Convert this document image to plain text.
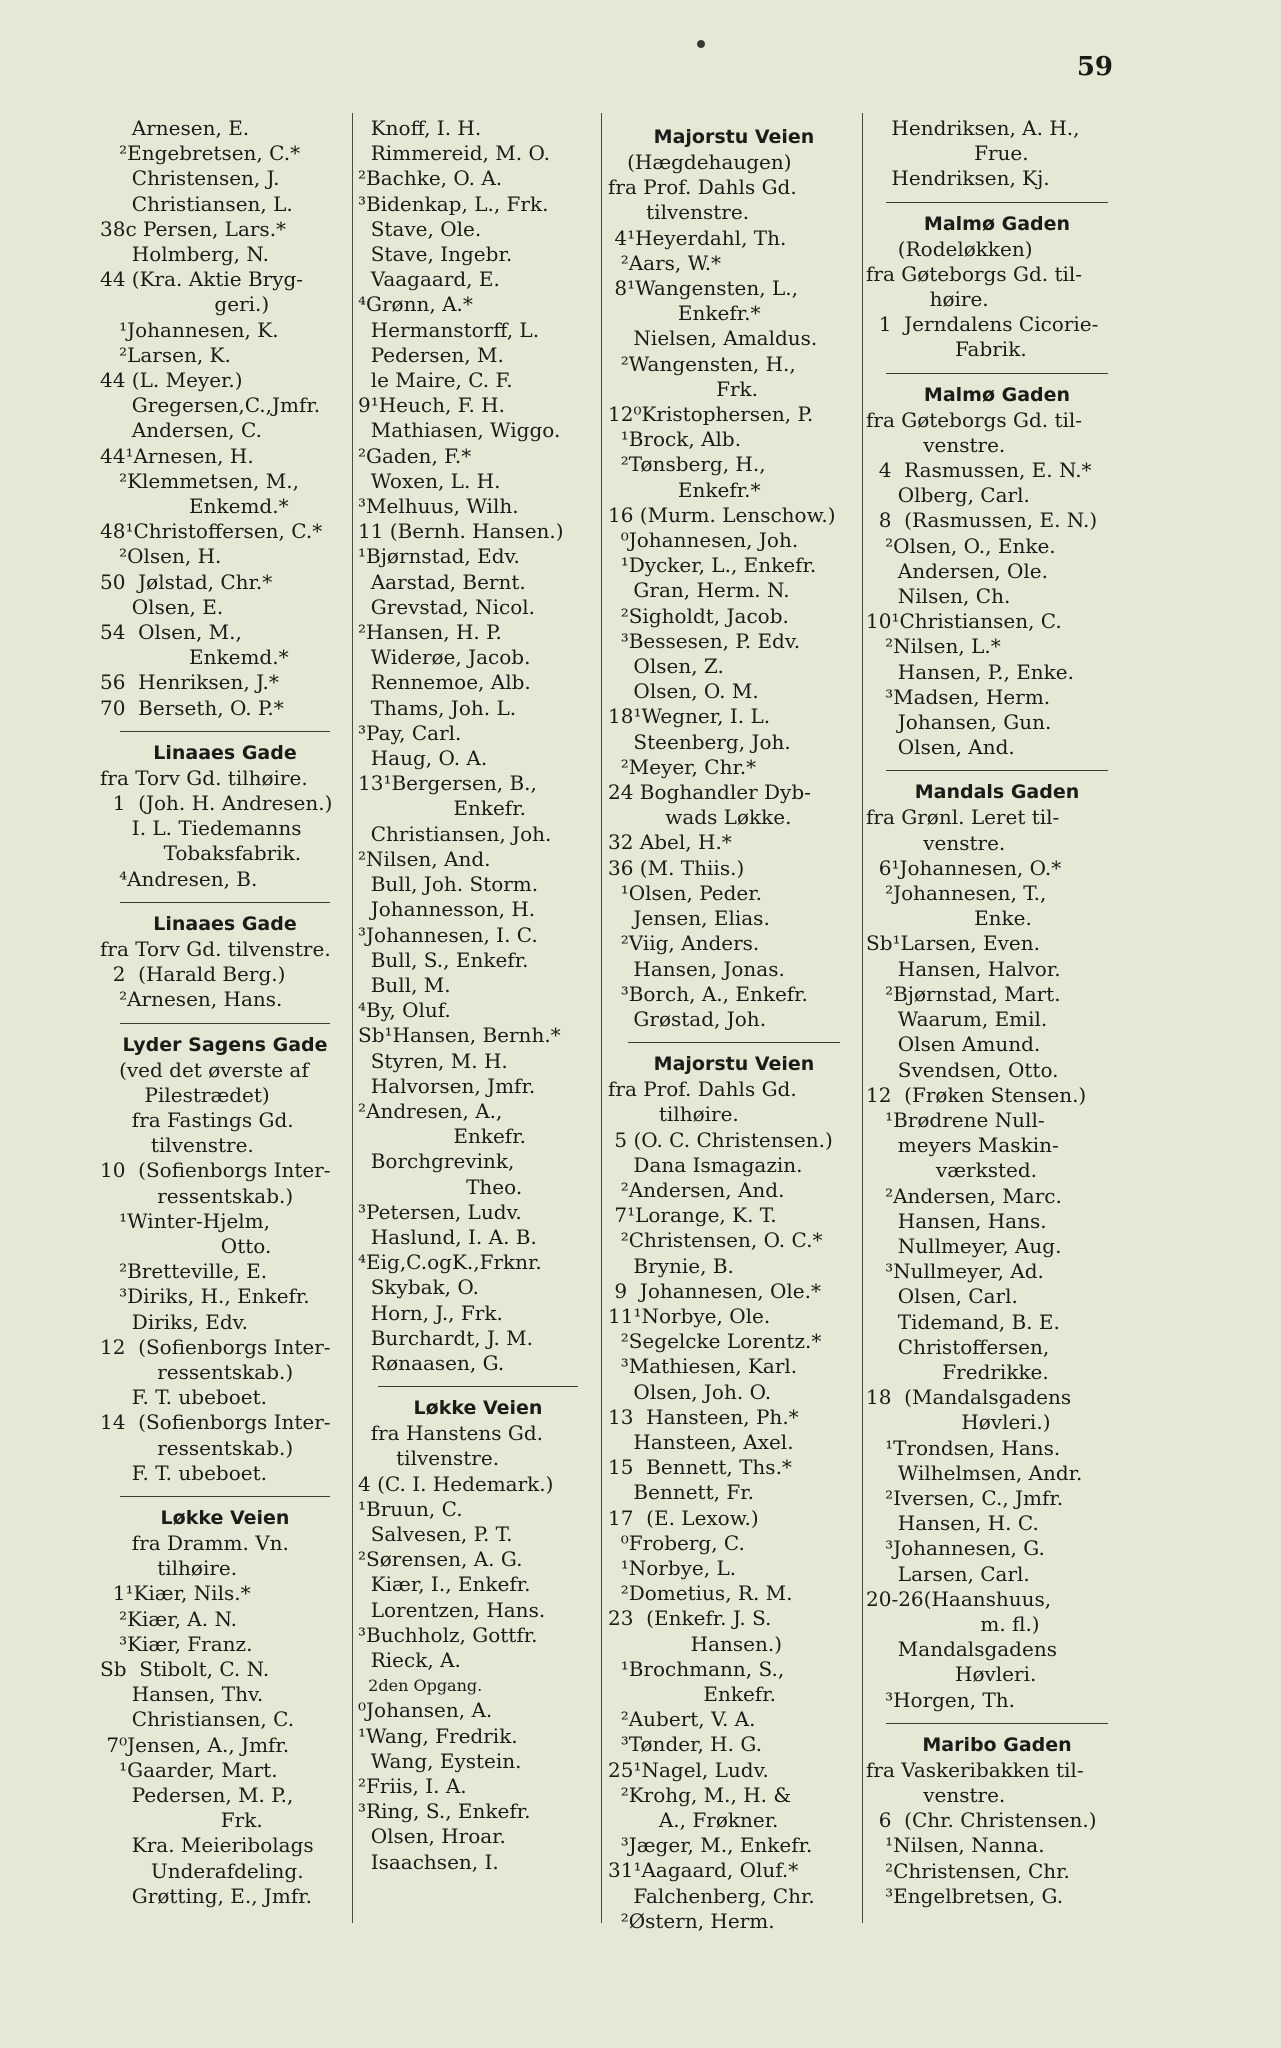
59
Arnesen, E.
²Engebretsen, C.*
Christensen, J.
Christiansen, L.
38c Persen, Lars.*
Holmberg, N.
44 (Kra. Aktie Bryg-
geri.)
¹Johannesen, K.
²Larsen, K.
44 (L. Meyer.)
Gregersen,C.,Jmfr.
Andersen, C.
44¹Arnesen, H.
²Klemmetsen, M.,
Enkemd.*
48¹Christoffersen, C.*
²Olsen, H.
50  Jølstad, Chr.*
Olsen, E.
54  Olsen, M.,
Enkemd.*
56  Henriksen, J.*
70  Berseth, O. P.*
Linaaes Gade
fra Torv Gd. tilhøire.
1  (Joh. H. Andresen.)
I. L. Tiedemanns
Tobaksfabrik.
⁴Andresen, B.
Linaaes Gade
fra Torv Gd. tilvenstre.
2  (Harald Berg.)
²Arnesen, Hans.
Lyder Sagens Gade
(ved det øverste af
Pilestrædet)
fra Fastings Gd.
tilvenstre.
10  (Sofienborgs Inter-
ressentskab.)
¹Winter-Hjelm,
Otto.
²Bretteville, E.
³Diriks, H., Enkefr.
Diriks, Edv.
12  (Sofienborgs Inter-
ressentskab.)
F. T. ubeboet.
14  (Sofienborgs Inter-
ressentskab.)
F. T. ubeboet.
Løkke Veien
fra Dramm. Vn.
tilhøire.
1¹Kiær, Nils.*
²Kiær, A. N.
³Kiær, Franz.
Sb  Stibolt, C. N.
Hansen, Thv.
Christiansen, C.
7⁰Jensen, A., Jmfr.
¹Gaarder, Mart.
Pedersen, M. P.,
Frk.
Kra. Meieribolags
Underafdeling.
Grøtting, E., Jmfr.
Knoff, I. H.
Rimmereid, M. O.
²Bachke, O. A.
³Bidenkap, L., Frk.
Stave, Ole.
Stave, Ingebr.
Vaagaard, E.
⁴Grønn, A.*
Hermanstorff, L.
Pedersen, M.
le Maire, C. F.
9¹Heuch, F. H.
Mathiasen, Wiggo.
²Gaden, F.*
Woxen, L. H.
³Melhuus, Wilh.
11 (Bernh. Hansen.)
¹Bjørnstad, Edv.
Aarstad, Bernt.
Grevstad, Nicol.
²Hansen, H. P.
Widerøe, Jacob.
Rennemoe, Alb.
Thams, Joh. L.
³Pay, Carl.
Haug, O. A.
13¹Bergersen, B.,
Enkefr.
Christiansen, Joh.
²Nilsen, And.
Bull, Joh. Storm.
Johannesson, H.
³Johannesen, I. C.
Bull, S., Enkefr.
Bull, M.
⁴By, Oluf.
Sb¹Hansen, Bernh.*
Styren, M. H.
Halvorsen, Jmfr.
²Andresen, A.,
Enkefr.
Borchgrevink,
Theo.
³Petersen, Ludv.
Haslund, I. A. B.
⁴Eig,C.ogK.,Frknr.
Skybak, O.
Horn, J., Frk.
Burchardt, J. M.
Rønaasen, G.
Løkke Veien
fra Hanstens Gd.
tilvenstre.
4 (C. I. Hedemark.)
¹Bruun, C.
Salvesen, P. T.
²Sørensen, A. G.
Kiær, I., Enkefr.
Lorentzen, Hans.
³Buchholz, Gottfr.
Rieck, A.
2den Opgang.
⁰Johansen, A.
¹Wang, Fredrik.
Wang, Eystein.
²Friis, I. A.
³Ring, S., Enkefr.
Olsen, Hroar.
Isaachsen, I.
Majorstu Veien
(Hægdehaugen)
fra Prof. Dahls Gd.
tilvenstre.
4¹Heyerdahl, Th.
²Aars, W.*
8¹Wangensten, L.,
Enkefr.*
Nielsen, Amaldus.
²Wangensten, H.,
Frk.
12⁰Kristophersen, P.
¹Brock, Alb.
²Tønsberg, H.,
Enkefr.*
16 (Murm. Lenschow.)
⁰Johannesen, Joh.
¹Dycker, L., Enkefr.
Gran, Herm. N.
²Sigholdt, Jacob.
³Bessesen, P. Edv.
Olsen, Z.
Olsen, O. M.
18¹Wegner, I. L.
Steenberg, Joh.
²Meyer, Chr.*
24 Boghandler Dyb-
wads Løkke.
32 Abel, H.*
36 (M. Thiis.)
¹Olsen, Peder.
Jensen, Elias.
²Viig, Anders.
Hansen, Jonas.
³Borch, A., Enkefr.
Grøstad, Joh.
Majorstu Veien
fra Prof. Dahls Gd.
tilhøire.
5 (O. C. Christensen.)
Dana Ismagazin.
²Andersen, And.
7¹Lorange, K. T.
²Christensen, O. C.*
Brynie, B.
9  Johannesen, Ole.*
11¹Norbye, Ole.
²Segelcke Lorentz.*
³Mathiesen, Karl.
Olsen, Joh. O.
13  Hansteen, Ph.*
Hansteen, Axel.
15  Bennett, Ths.*
Bennett, Fr.
17  (E. Lexow.)
⁰Froberg, C.
¹Norbye, L.
²Dometius, R. M.
23  (Enkefr. J. S.
Hansen.)
¹Brochmann, S.,
Enkefr.
²Aubert, V. A.
³Tønder, H. G.
25¹Nagel, Ludv.
²Krohg, M., H. &
A., Frøkner.
³Jæger, M., Enkefr.
31¹Aagaard, Oluf.*
Falchenberg, Chr.
²Østern, Herm.
Hendriksen, A. H.,
Frue.
Hendriksen, Kj.
Malmø Gaden
(Rodeløkken)
fra Gøteborgs Gd. til-
høire.
1  Jerndalens Cicorie-
Fabrik.
Malmø Gaden
fra Gøteborgs Gd. til-
venstre.
4  Rasmussen, E. N.*
Olberg, Carl.
8  (Rasmussen, E. N.)
²Olsen, O., Enke.
Andersen, Ole.
Nilsen, Ch.
10¹Christiansen, C.
²Nilsen, L.*
Hansen, P., Enke.
³Madsen, Herm.
Johansen, Gun.
Olsen, And.
Mandals Gaden
fra Grønl. Leret til-
venstre.
6¹Johannesen, O.*
²Johannesen, T.,
Enke.
Sb¹Larsen, Even.
Hansen, Halvor.
²Bjørnstad, Mart.
Waarum, Emil.
Olsen Amund.
Svendsen, Otto.
12  (Frøken Stensen.)
¹Brødrene Null-
meyers Maskin-
værksted.
²Andersen, Marc.
Hansen, Hans.
Nullmeyer, Aug.
³Nullmeyer, Ad.
Olsen, Carl.
Tidemand, B. E.
Christoffersen,
Fredrikke.
18  (Mandalsgadens
Høvleri.)
¹Trondsen, Hans.
Wilhelmsen, Andr.
²Iversen, C., Jmfr.
Hansen, H. C.
³Johannesen, G.
Larsen, Carl.
20-26(Haanshuus,
m. fl.)
Mandalsgadens
Høvleri.
³Horgen, Th.
Maribo Gaden
fra Vaskeribakken til-
venstre.
6  (Chr. Christensen.)
¹Nilsen, Nanna.
²Christensen, Chr.
³Engelbretsen, G.
